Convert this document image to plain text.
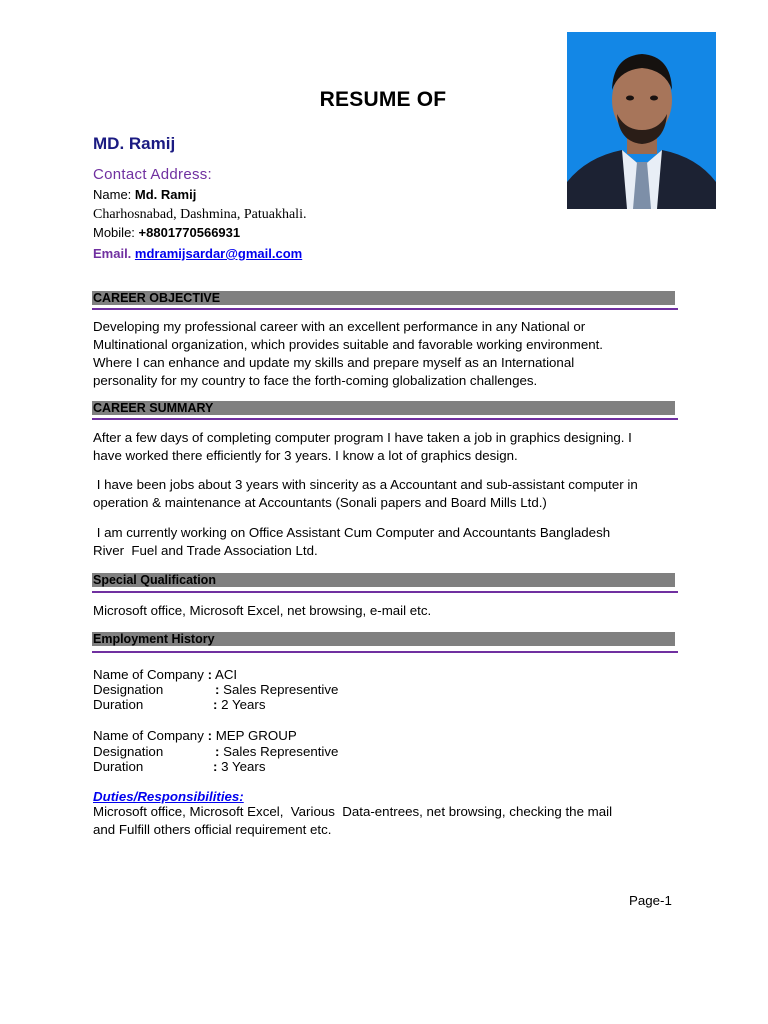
RESUME OF
MD. Ramij
Contact Address:
Name: Md. Ramij
Charhosnabad, Dashmina, Patuakhali.
Mobile: +8801770566931
Email. mdramijsardar@gmail.com
CAREER OBJECTIVE
Developing my professional career with an excellent performance in any National or
Multinational organization, which provides suitable and favorable working environment.
Where I can enhance and update my skills and prepare myself as an International
personality for my country to face the forth-coming globalization challenges.
CAREER SUMMARY
After a few days of completing computer program I have taken a job in graphics designing. I
have worked there efficiently for 3 years. I know a lot of graphics design.
I have been jobs about 3 years with sincerity as a Accountant and sub-assistant computer in
operation & maintenance at Accountants (Sonali papers and Board Mills Ltd.)
I am currently working on Office Assistant Cum Computer and Accountants Bangladesh
River  Fuel and Trade Association Ltd.
Special Qualification
Microsoft office, Microsoft Excel, net browsing, e-mail etc.
Employment History
Name of Company : ACI
Designation	: Sales Representive
Duration	: 2 Years
Name of Company : MEP GROUP
Designation	: Sales Representive
Duration	: 3 Years
Duties/Responsibilities:
Microsoft office, Microsoft Excel,  Various  Data-entrees, net browsing, checking the mail
and Fulfill others official requirement etc.
Page-1
